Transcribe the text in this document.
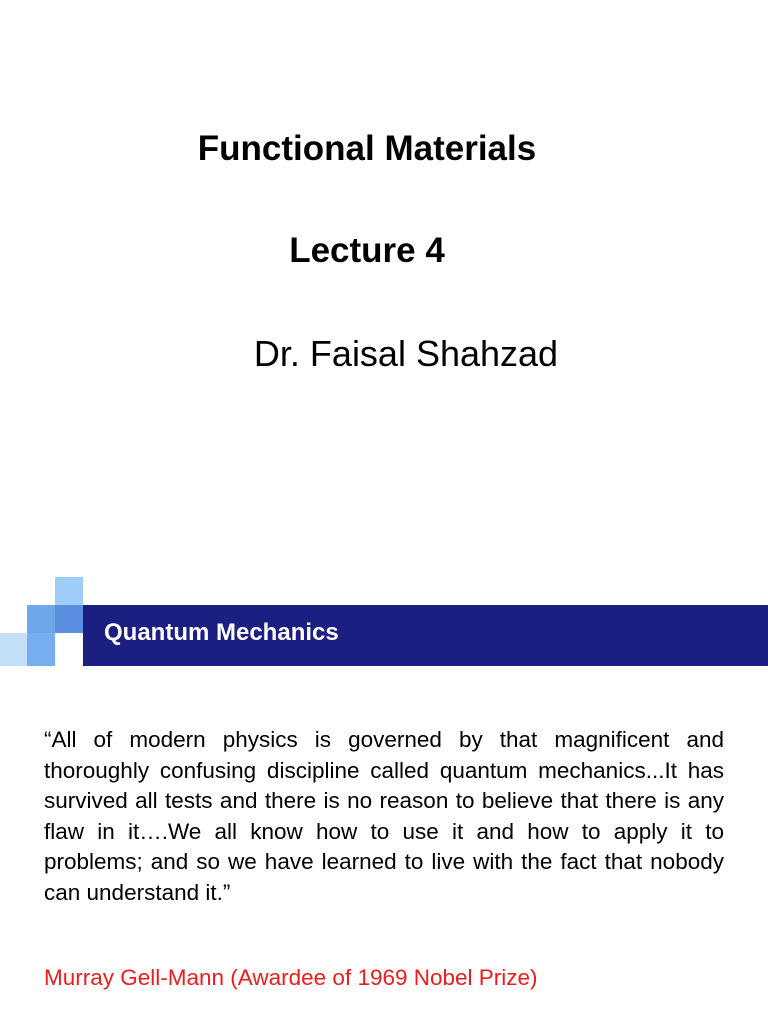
Functional Materials
Lecture 4
Dr. Faisal Shahzad
Quantum Mechanics

“All of modern physics is governed by that magnificent and thoroughly confusing discipline called quantum mechanics...It has survived all tests and there is no reason to believe that there is any flaw in it….We all know how to use it and how to apply it to problems; and so we have learned to live with the fact that nobody can understand it.”

Murray Gell-Mann (Awardee of 1969 Nobel Prize)
